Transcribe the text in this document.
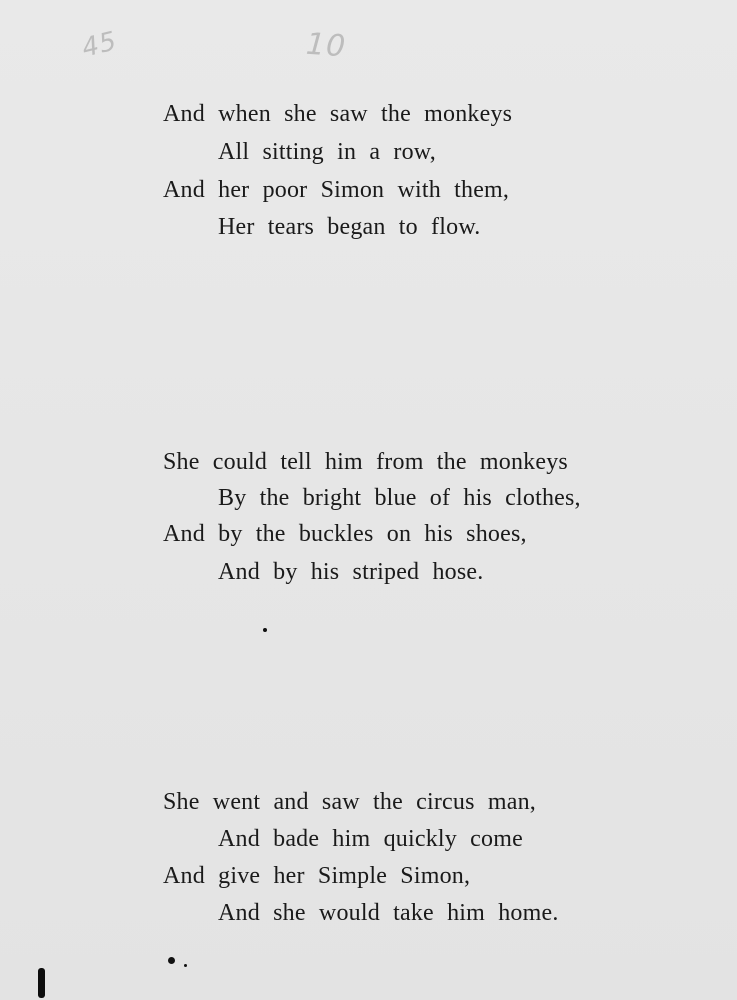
45	10
And when she saw the monkeys
All sitting in a row,
And her poor Simon with them,
Her tears began to flow.
She could tell him from the monkeys
By the bright blue of his clothes,
And by the buckles on his shoes,
And by his striped hose.
She went and saw the circus man,
And bade him quickly come
And give her Simple Simon,
And she would take him home.
